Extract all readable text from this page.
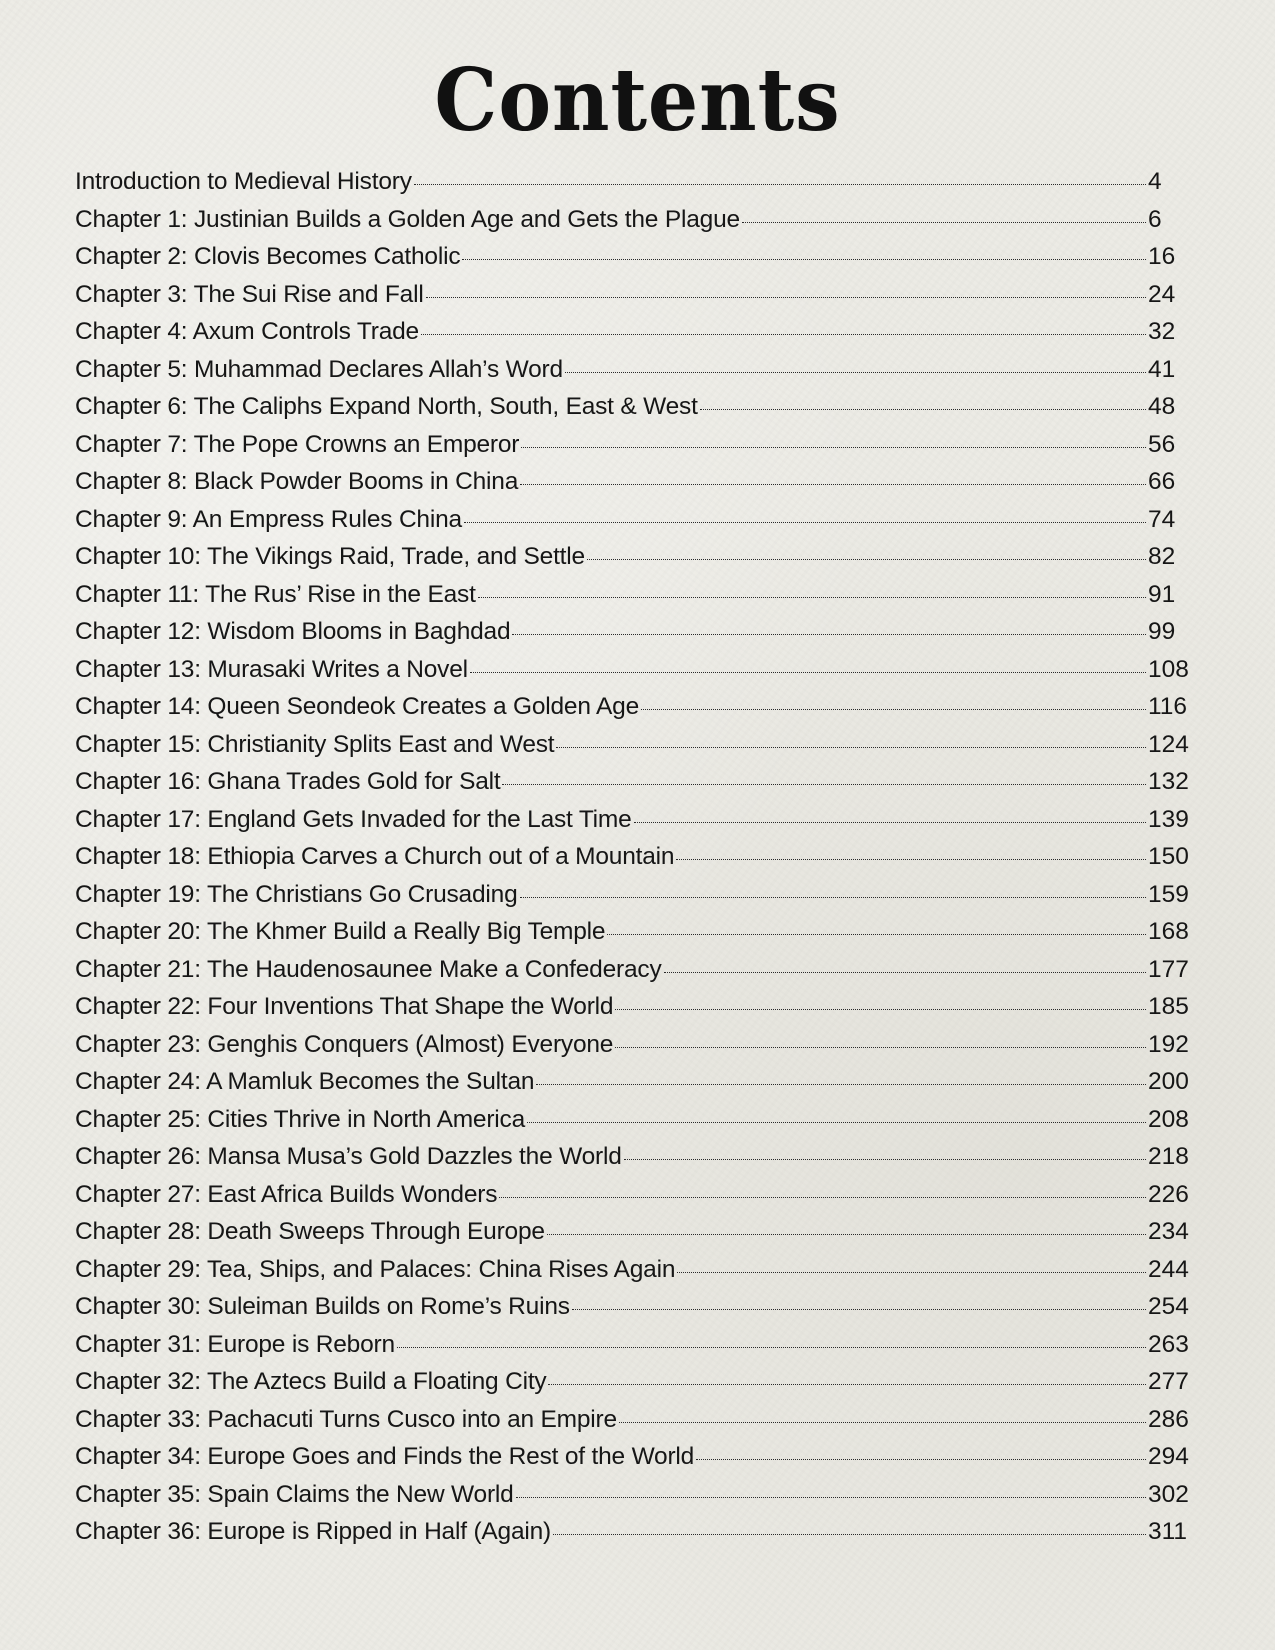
Contents
Introduction to Medieval History	4
Chapter 1: Justinian Builds a Golden Age and Gets the Plague	6
Chapter 2: Clovis Becomes Catholic	16
Chapter 3: The Sui Rise and Fall	24
Chapter 4: Axum Controls Trade	32
Chapter 5: Muhammad Declares Allah’s Word	41
Chapter 6: The Caliphs Expand North, South, East & West	48
Chapter 7: The Pope Crowns an Emperor	56
Chapter 8: Black Powder Booms in China	66
Chapter 9: An Empress Rules China	74
Chapter 10: The Vikings Raid, Trade, and Settle	82
Chapter 11: The Rus’ Rise in the East	91
Chapter 12: Wisdom Blooms in Baghdad	99
Chapter 13: Murasaki Writes a Novel	108
Chapter 14: Queen Seondeok Creates a Golden Age	116
Chapter 15: Christianity Splits East and West	124
Chapter 16: Ghana Trades Gold for Salt	132
Chapter 17: England Gets Invaded for the Last Time	139
Chapter 18: Ethiopia Carves a Church out of a Mountain	150
Chapter 19: The Christians Go Crusading	159
Chapter 20: The Khmer Build a Really Big Temple	168
Chapter 21: The Haudenosaunee Make a Confederacy	177
Chapter 22: Four Inventions That Shape the World	185
Chapter 23: Genghis Conquers (Almost) Everyone	192
Chapter 24: A Mamluk Becomes the Sultan	200
Chapter 25: Cities Thrive in North America	208
Chapter 26: Mansa Musa’s Gold Dazzles the World	218
Chapter 27: East Africa Builds Wonders	226
Chapter 28: Death Sweeps Through Europe	234
Chapter 29: Tea, Ships, and Palaces: China Rises Again	244
Chapter 30: Suleiman Builds on Rome’s Ruins	254
Chapter 31: Europe is Reborn	263
Chapter 32: The Aztecs Build a Floating City	277
Chapter 33: Pachacuti Turns Cusco into an Empire	286
Chapter 34: Europe Goes and Finds the Rest of the World	294
Chapter 35: Spain Claims the New World	302
Chapter 36: Europe is Ripped in Half (Again)	311
